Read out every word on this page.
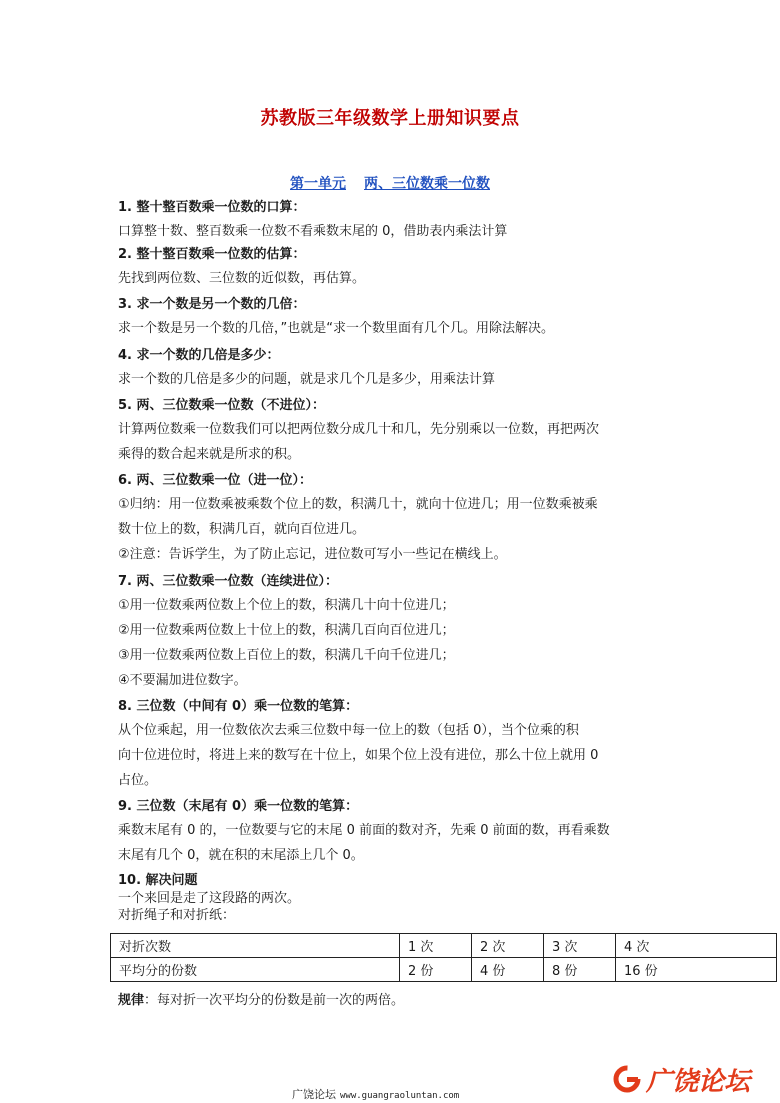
苏教版三年级数学上册知识要点
第一单元 两、三位数乘一位数

1. 整十整百数乘一位数的口算：

口算整十数、整百数乘一位数不看乘数末尾的 0，借助表内乘法计算

2. 整十整百数乘一位数的估算：

先找到两位数、三位数的近似数，再估算。

3. 求一个数是另一个数的几倍：

求一个数是另一个数的几倍，”也就是“求一个数里面有几个几。用除法解决。

4. 求一个数的几倍是多少：

求一个数的几倍是多少的问题，就是求几个几是多少，用乘法计算

5. 两、三位数乘一位数（不进位）：

计算两位数乘一位数我们可以把两位数分成几十和几，先分别乘以一位数，再把两次

乘得的数合起来就是所求的积。

6. 两、三位数乘一位（进一位）：

①归纳：用一位数乘被乘数个位上的数，积满几十，就向十位进几；用一位数乘被乘

数十位上的数，积满几百，就向百位进几。

②注意：告诉学生，为了防止忘记，进位数可写小一些记在横线上。

7. 两、三位数乘一位数（连续进位）：

①用一位数乘两位数上个位上的数，积满几十向十位进几；

②用一位数乘两位数上十位上的数，积满几百向百位进几；

③用一位数乘两位数上百位上的数，积满几千向千位进几；

④不要漏加进位数字。

8. 三位数（中间有 0）乘一位数的笔算：

从个位乘起，用一位数依次去乘三位数中每一位上的数（包括 0），当个位乘的积

向十位进位时，将进上来的数写在十位上，如果个位上没有进位，那么十位上就用 0

占位。

9. 三位数（末尾有 0）乘一位数的笔算：

乘数末尾有 0 的，一位数要与它的末尾 0 前面的数对齐，先乘 0 前面的数，再看乘数

末尾有几个 0，就在积的末尾添上几个 0。

10. 解决问题

一个来回是走了这段路的两次。

对折绳子和对折纸：

对折次数	1 次	2 次	3 次	4 次
平均分的份数	2 份	4 份	8 份	16 份
规律：每对折一次平均分的份数是前一次的两倍。
广饶论坛 www.guangraoluntan.com	广饶论坛
